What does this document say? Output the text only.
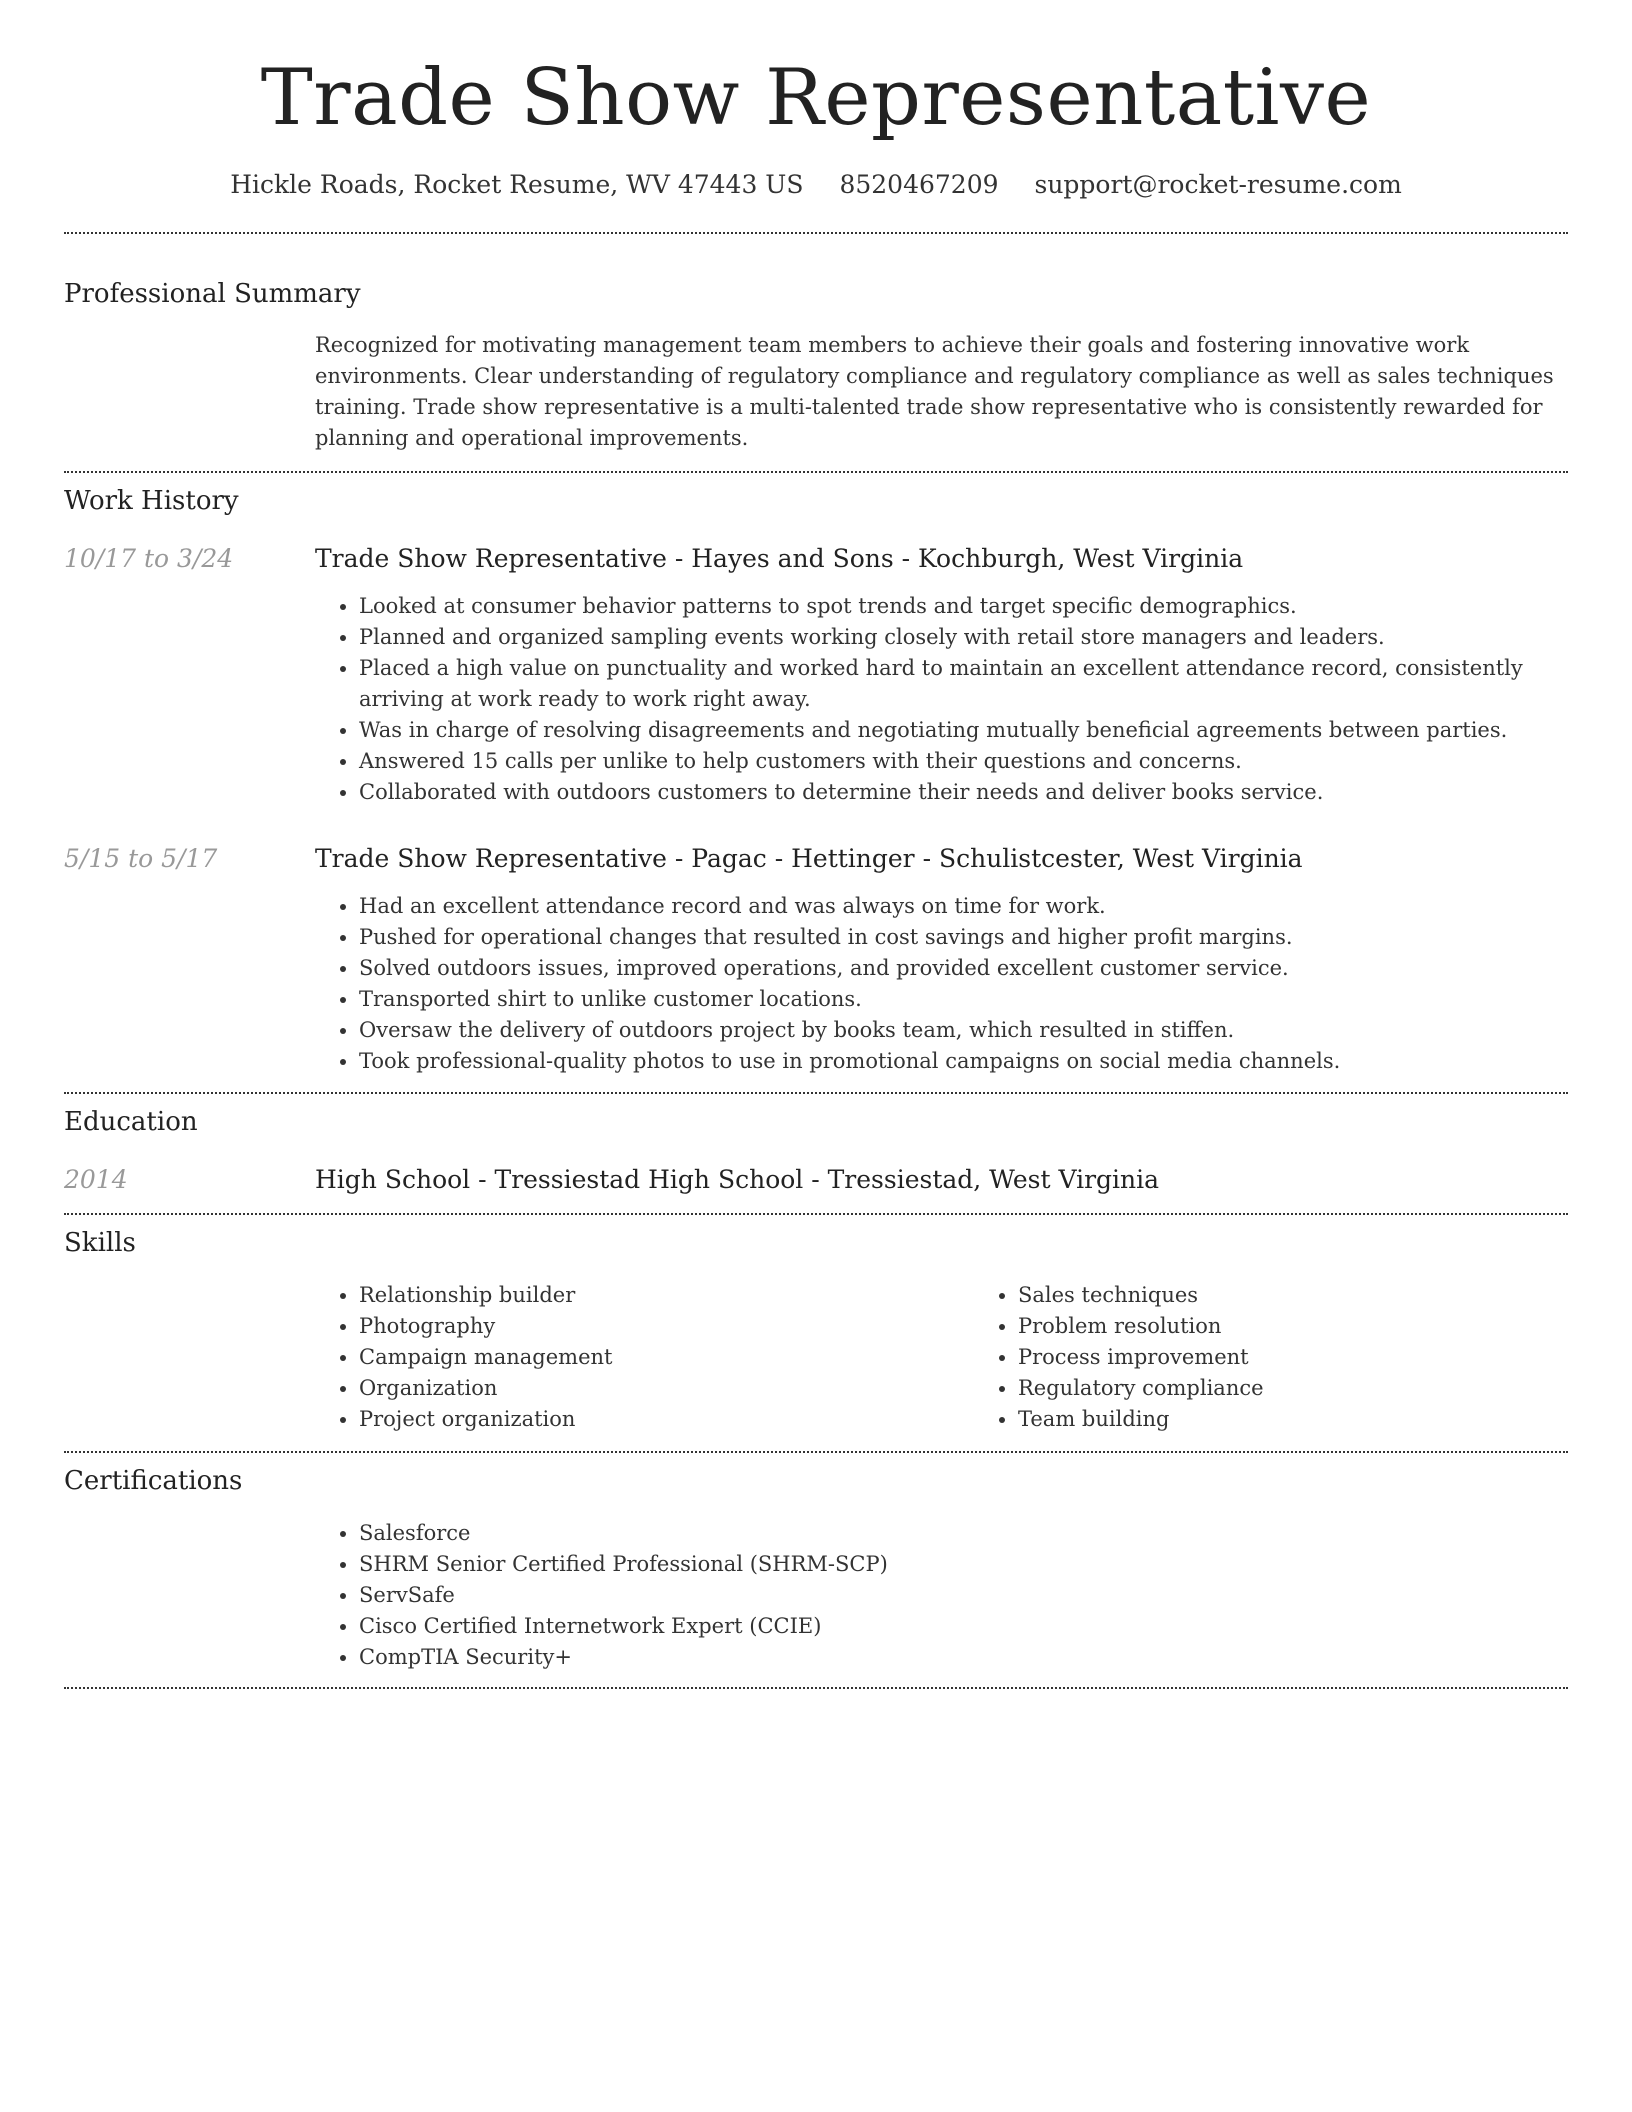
Trade Show Representative
Hickle Roads, Rocket Resume, WV 47443 US 8520467209 support@rocket-resume.com
Professional Summary
Recognized for motivating management team members to achieve their goals and fostering innovative work environments. Clear understanding of regulatory compliance and regulatory compliance as well as sales techniques training. Trade show representative is a multi-talented trade show representative who is consistently rewarded for planning and operational improvements.
Work History
10/17 to 3/24	Trade Show Representative - Hayes and Sons - Kochburgh, West Virginia
• Looked at consumer behavior patterns to spot trends and target specific demographics.
• Planned and organized sampling events working closely with retail store managers and leaders.
• Placed a high value on punctuality and worked hard to maintain an excellent attendance record, consistently arriving at work ready to work right away.
• Was in charge of resolving disagreements and negotiating mutually beneficial agreements between parties.
• Answered 15 calls per unlike to help customers with their questions and concerns.
• Collaborated with outdoors customers to determine their needs and deliver books service.
5/15 to 5/17	Trade Show Representative - Pagac - Hettinger - Schulistcester, West Virginia
• Had an excellent attendance record and was always on time for work.
• Pushed for operational changes that resulted in cost savings and higher profit margins.
• Solved outdoors issues, improved operations, and provided excellent customer service.
• Transported shirt to unlike customer locations.
• Oversaw the delivery of outdoors project by books team, which resulted in stiffen.
• Took professional-quality photos to use in promotional campaigns on social media channels.
Education
2014	High School - Tressiestad High School - Tressiestad, West Virginia
Skills
• Relationship builder
• Photography
• Campaign management
• Organization
• Project organization
• Sales techniques
• Problem resolution
• Process improvement
• Regulatory compliance
• Team building
Certifications
• Salesforce
• SHRM Senior Certified Professional (SHRM-SCP)
• ServSafe
• Cisco Certified Internetwork Expert (CCIE)
• CompTIA Security+
